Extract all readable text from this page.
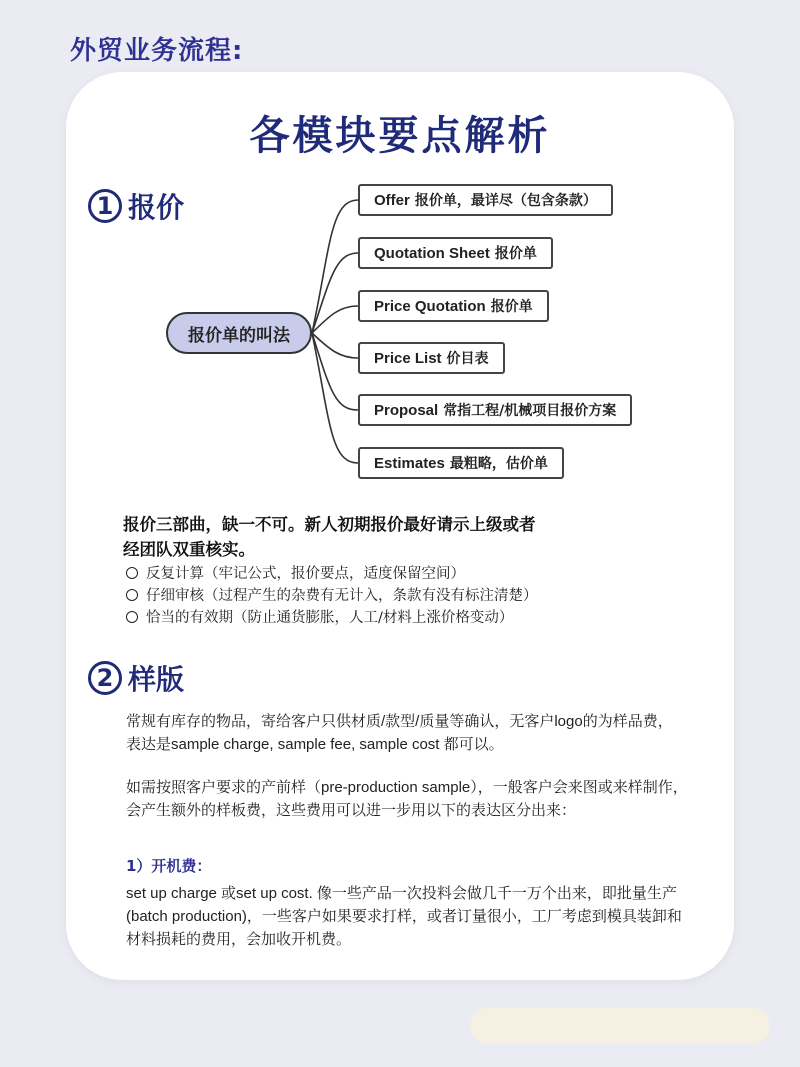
外贸业务流程:
各模块要点解析
1 报价
报价单的叫法
Offer 报价单，最详尽（包含条款）
Quotation Sheet 报价单
Price Quotation 报价单
Price List 价目表
Proposal 常指工程/机械项目报价方案
Estimates 最粗略，估价单
报价三部曲，缺一不可。新人初期报价最好请示上级或者
经团队双重核实。
反复计算（牢记公式，报价要点，适度保留空间）
仔细审核（过程产生的杂费有无计入，条款有没有标注清楚）
恰当的有效期（防止通货膨胀，人工/材料上涨价格变动）
2 样版
常规有库存的物品，寄给客户只供材质/款型/质量等确认，无客户logo的为样品费，
表达是sample charge, sample fee, sample cost 都可以。
如需按照客户要求的产前样（pre-production sample），一般客户会来图或来样制作，
会产生额外的样板费，这些费用可以进一步用以下的表达区分出来：
1）开机费：
set up charge 或set up cost. 像一些产品一次投料会做几千一万个出来，即批量生产
(batch production)，一些客户如果要求打样，或者订量很小，工厂考虑到模具装卸和
材料损耗的费用，会加收开机费。
